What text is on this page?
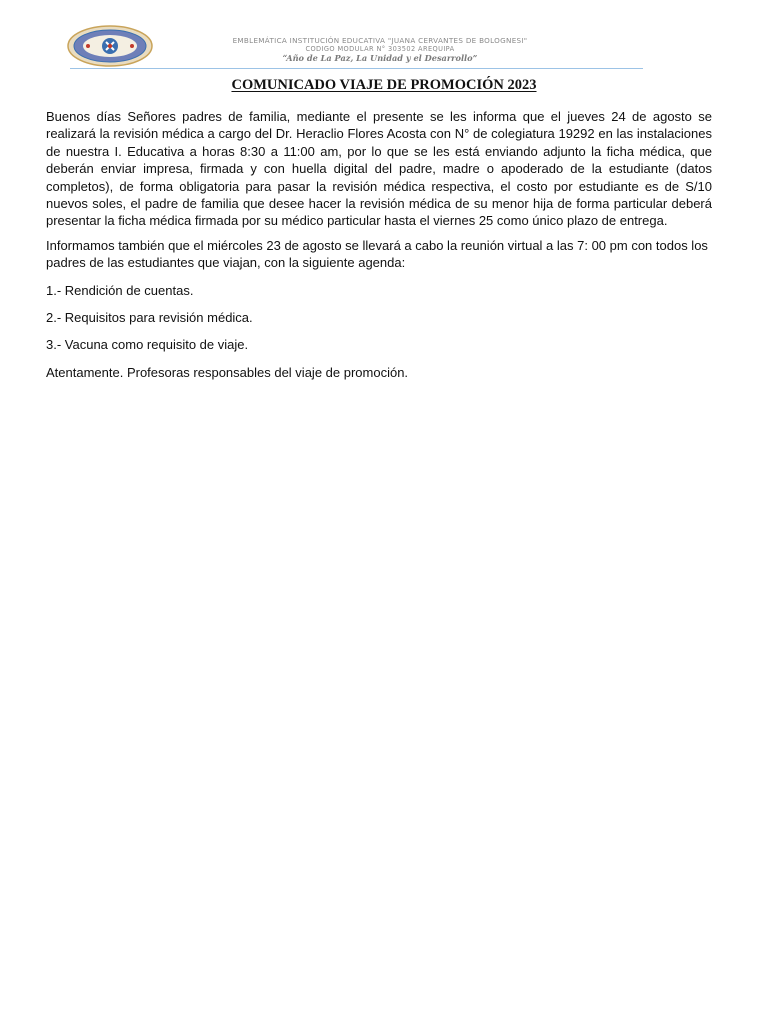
EMBLEMÁTICA INSTITUCIÓN EDUCATIVA "JUANA CERVANTES DE BOLOGNESI"
CODIGO MODULAR N° 303502 AREQUIPA
“Año de La Paz, La Unidad y el Desarrollo”
COMUNICADO VIAJE DE PROMOCIÓN 2023

Buenos días Señores padres de familia, mediante el presente se les informa que el jueves 24 de agosto se realizará la revisión médica a cargo del Dr. Heraclio Flores Acosta con N° de colegiatura 19292 en las instalaciones de nuestra I. Educativa a horas 8:30 a 11:00 am, por lo que se les está enviando adjunto la ficha médica, que deberán enviar impresa, firmada y con huella digital del padre, madre o apoderado de la estudiante (datos completos), de forma obligatoria para pasar la revisión médica respectiva, el costo por estudiante es de S/10 nuevos soles, el padre de familia que desee hacer la revisión médica de su menor hija de forma particular deberá presentar la ficha médica firmada por su médico particular hasta el viernes 25 como único plazo de entrega.

Informamos también que el miércoles 23 de agosto se llevará a cabo la reunión virtual a las 7: 00 pm con todos los padres de las estudiantes que viajan, con la siguiente agenda:

1.- Rendición de cuentas.

2.- Requisitos para revisión médica.

3.- Vacuna como requisito de viaje.

Atentamente. Profesoras responsables del viaje de promoción.
